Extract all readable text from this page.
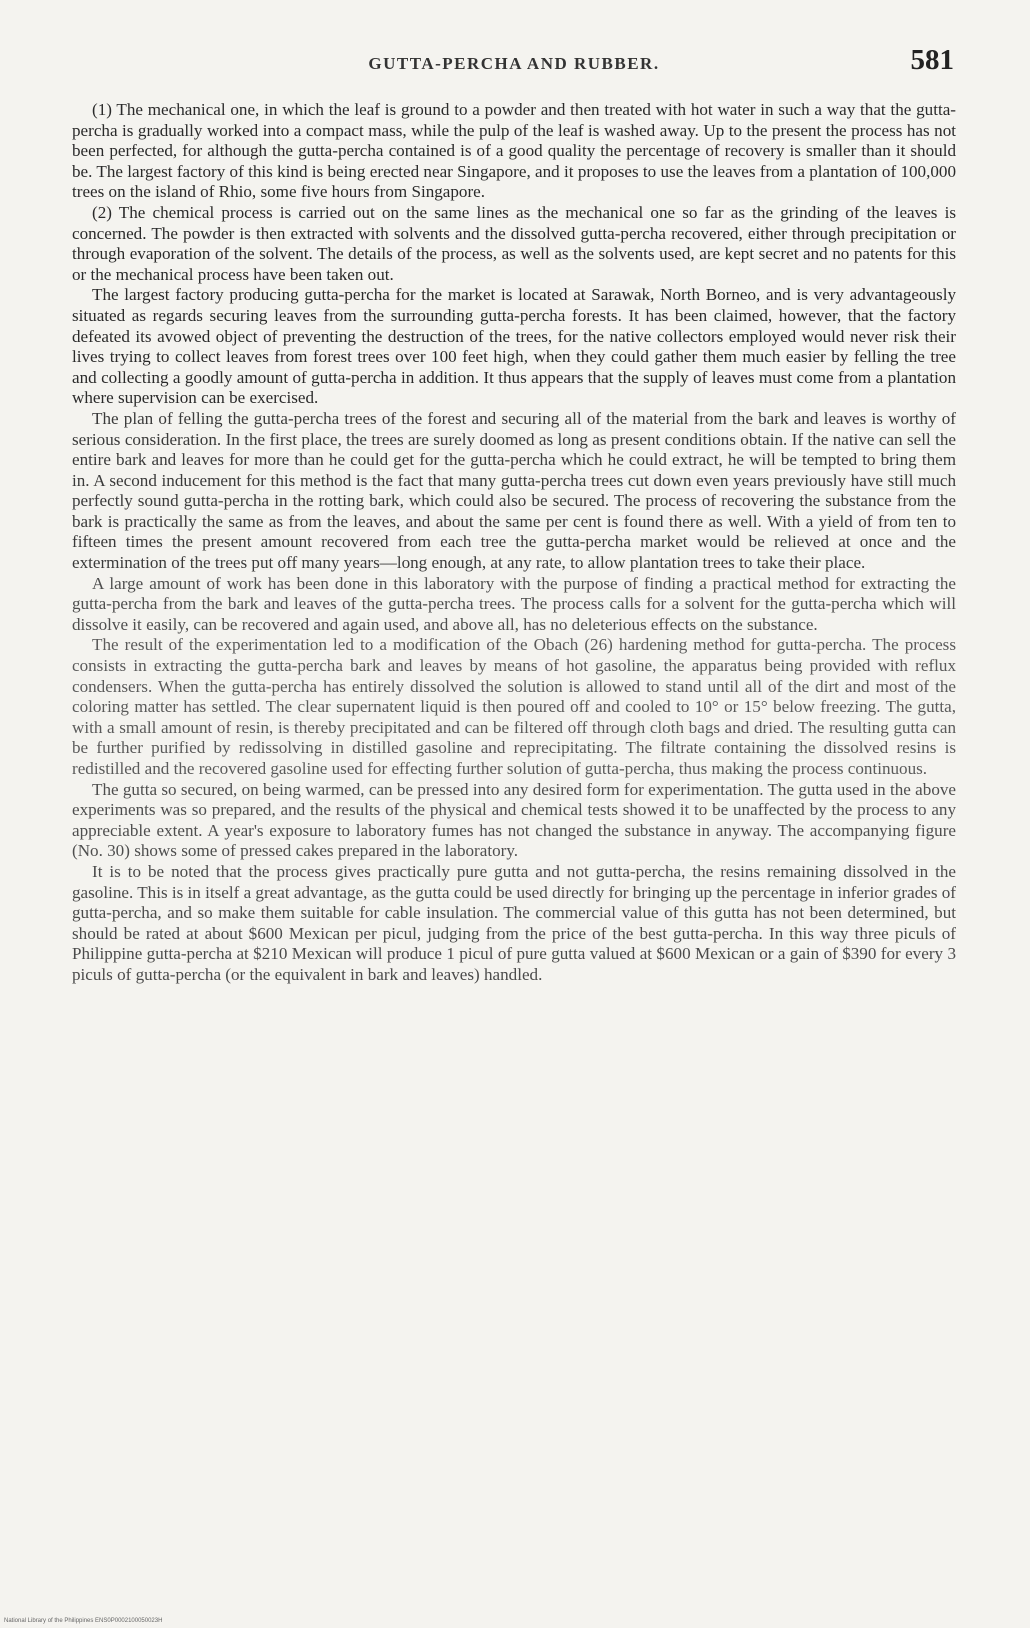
GUTTA-PERCHA AND RUBBER.	581

(1) The mechanical one, in which the leaf is ground to a powder and then treated with hot water in such a way that the gutta-percha is gradually worked into a compact mass, while the pulp of the leaf is washed away. Up to the present the process has not been perfected, for although the gutta-percha contained is of a good quality the percentage of recovery is smaller than it should be. The largest factory of this kind is being erected near Singapore, and it proposes to use the leaves from a plantation of 100,000 trees on the island of Rhio, some five hours from Singapore.

(2) The chemical process is carried out on the same lines as the mechanical one so far as the grinding of the leaves is concerned. The powder is then extracted with solvents and the dissolved gutta-percha recovered, either through precipitation or through evaporation of the solvent. The details of the process, as well as the solvents used, are kept secret and no patents for this or the mechanical process have been taken out.

The largest factory producing gutta-percha for the market is located at Sarawak, North Borneo, and is very advantageously situated as regards securing leaves from the surrounding gutta-percha forests. It has been claimed, however, that the factory defeated its avowed object of preventing the destruction of the trees, for the native collectors employed would never risk their lives trying to collect leaves from forest trees over 100 feet high, when they could gather them much easier by felling the tree and collecting a goodly amount of gutta-percha in addition. It thus appears that the supply of leaves must come from a plantation where supervision can be exercised.

The plan of felling the gutta-percha trees of the forest and securing all of the material from the bark and leaves is worthy of serious consideration. In the first place, the trees are surely doomed as long as present conditions obtain. If the native can sell the entire bark and leaves for more than he could get for the gutta-percha which he could extract, he will be tempted to bring them in. A second inducement for this method is the fact that many gutta-percha trees cut down even years previously have still much perfectly sound gutta-percha in the rotting bark, which could also be secured. The process of recovering the substance from the bark is practically the same as from the leaves, and about the same per cent is found there as well. With a yield of from ten to fifteen times the present amount recovered from each tree the gutta-percha market would be relieved at once and the extermination of the trees put off many years—long enough, at any rate, to allow plantation trees to take their place.

A large amount of work has been done in this laboratory with the purpose of finding a practical method for extracting the gutta-percha from the bark and leaves of the gutta-percha trees. The process calls for a solvent for the gutta-percha which will dissolve it easily, can be recovered and again used, and above all, has no deleterious effects on the substance.

The result of the experimentation led to a modification of the Obach (26) hardening method for gutta-percha. The process consists in extracting the gutta-percha bark and leaves by means of hot gasoline, the apparatus being provided with reflux condensers. When the gutta-percha has entirely dissolved the solution is allowed to stand until all of the dirt and most of the coloring matter has settled. The clear supernatent liquid is then poured off and cooled to 10° or 15° below freezing. The gutta, with a small amount of resin, is thereby precipitated and can be filtered off through cloth bags and dried. The resulting gutta can be further purified by redissolving in distilled gasoline and reprecipitating. The filtrate containing the dissolved resins is redistilled and the recovered gasoline used for effecting further solution of gutta-percha, thus making the process continuous.

The gutta so secured, on being warmed, can be pressed into any desired form for experimentation. The gutta used in the above experiments was so prepared, and the results of the physical and chemical tests showed it to be unaffected by the process to any appreciable extent. A year's exposure to laboratory fumes has not changed the substance in anyway. The accompanying figure (No. 30) shows some of pressed cakes prepared in the laboratory.

It is to be noted that the process gives practically pure gutta and not gutta-percha, the resins remaining dissolved in the gasoline. This is in itself a great advantage, as the gutta could be used directly for bringing up the percentage in inferior grades of gutta-percha, and so make them suitable for cable insulation. The commercial value of this gutta has not been determined, but should be rated at about $600 Mexican per picul, judging from the price of the best gutta-percha. In this way three piculs of Philippine gutta-percha at $210 Mexican will produce 1 picul of pure gutta valued at $600 Mexican or a gain of $390 for every 3 piculs of gutta-percha (or the equivalent in bark and leaves) handled.

National Library of the Philippines ENS0P0002100050023H
